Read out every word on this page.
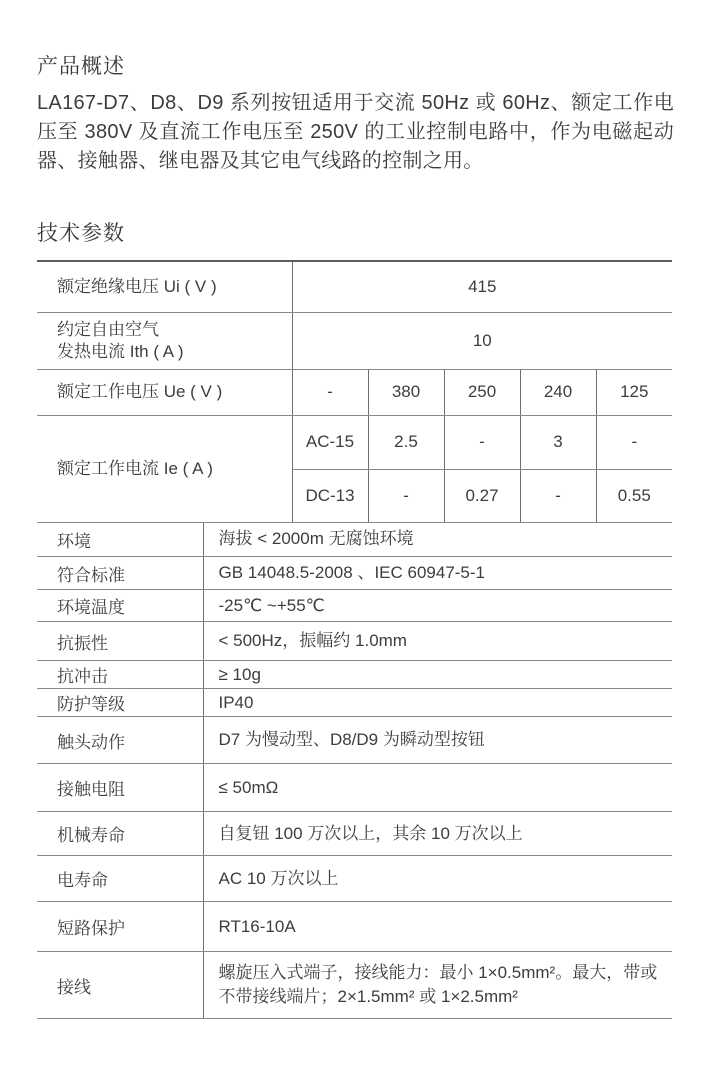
产品概述

LA167-D7、D8、D9 系列按钮适用于交流 50Hz 或 60Hz、额定工作电压至 380V 及直流工作电压至 250V 的工业控制电路中，作为电磁起动器、接触器、继电器及其它电气线路的控制之用。

技术参数
额定绝缘电压 Ui ( V )	415				
约定自由空气
发热电流 Ith ( A )	10				
额定工作电压 Ue ( V )	-	380	250	240	125
额定工作电流 Ie ( A )	AC-15	2.5	-	3	-
	DC-13	-	0.27	-	0.55
环境	海拔 < 2000m 无腐蚀环境
符合标准	GB 14048.5-2008 、IEC 60947-5-1
环境温度	-25℃ ~+55℃
抗振性	< 500Hz，振幅约 1.0mm
抗冲击	≥ 10g
防护等级	IP40
触头动作	D7 为慢动型、D8/D9 为瞬动型按钮
接触电阻	≤ 50mΩ
机械寿命	自复钮 100 万次以上，其余 10 万次以上
电寿命	AC 10 万次以上
短路保护	RT16-10A
接线	螺旋压入式端子，接线能力：最小 1×0.5mm²。最大，带或不带接线端片；2×1.5mm² 或 1×2.5mm²
